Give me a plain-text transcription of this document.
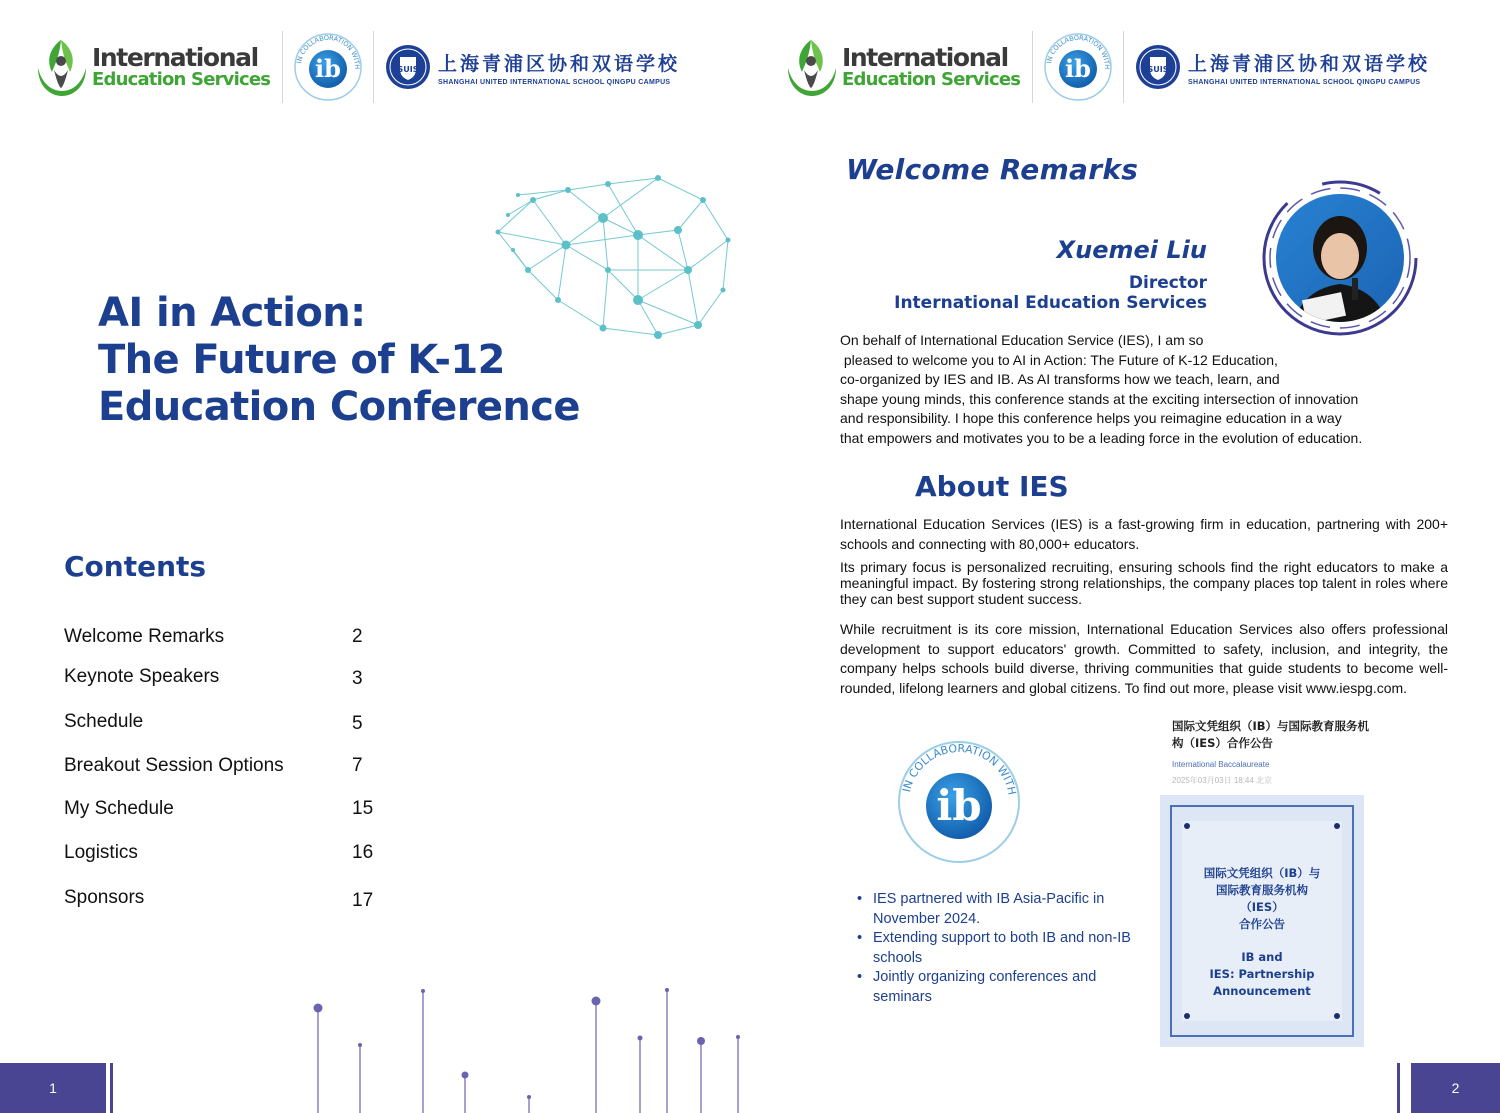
International
Education Services
IN COLLABORATION WITH
ib	SUIS 上海青浦区协和双语学校
SHANGHAI UNITED INTERNATIONAL SCHOOL QINGPU CAMPUS
AI in Action:
The Future of K-12
Education Conference
Contents
Welcome Remarks	2
Keynote Speakers	3
Schedule	5
Breakout Session Options	7
My Schedule	15
Logistics	16
Sponsors	17
1
International
Education Services
IN COLLABORATION WITH
ib	SUIS 上海青浦区协和双语学校
SHANGHAI UNITED INTERNATIONAL SCHOOL QINGPU CAMPUS
Welcome Remarks
Xuemei Liu
Director
International Education Services
On behalf of International Education Service (IES), I am so
pleased to welcome you to AI in Action: The Future of K-12 Education,
co-organized by IES and IB. As AI transforms how we teach, learn, and
shape young minds, this conference stands at the exciting intersection of innovation
and responsibility. I hope this conference helps you reimagine education in a way
that empowers and motivates you to be a leading force in the evolution of education.
About IES
International Education Services (IES) is a fast-growing firm in education, partnering with 200+ schools and connecting with 80,000+ educators.
Its primary focus is personalized recruiting, ensuring schools find the right educators to make a meaningful impact. By fostering strong relationships, the company places top talent in roles where they can best support student success.
While recruitment is its core mission, International Education Services also offers professional development to support educators' growth. Committed to safety, inclusion, and integrity, the company helps schools build diverse, thriving communities that guide students to become well-rounded, lifelong learners and global citizens. To find out more, please visit www.iespg.com.
IN COLLABORATION WITH
ib
• IES partnered with IB Asia-Pacific in November 2024.
• Extending support to both IB and non-IB schools
• Jointly organizing conferences and seminars
国际文凭组织（IB）与国际教育服务机构（IES）合作公告
International Baccalaureate
2025年03月03日 18:44 北京
国际文凭组织（IB）与
国际教育服务机构
（IES）
合作公告
IB and
IES: Partnership
Announcement
2
